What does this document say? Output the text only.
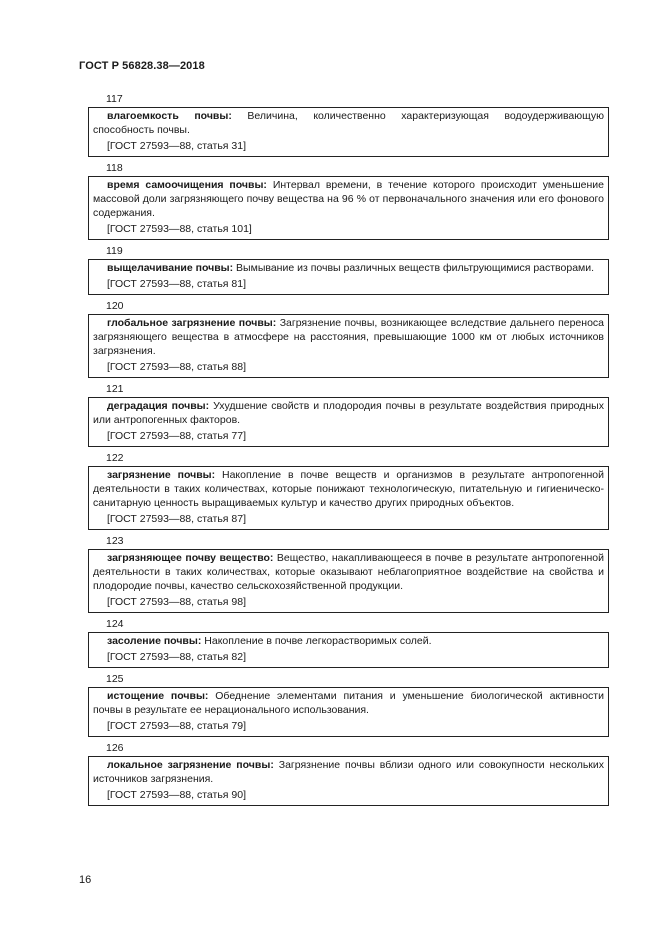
ГОСТ Р 56828.38—2018
117

влагоемкость почвы: Величина, количественно характеризующая водоудерживающую способность почвы.

[ГОСТ 27593—88, статья 31]
118

время самоочищения почвы: Интервал времени, в течение которого происходит уменьшение массовой доли загрязняющего почву вещества на 96 % от первоначального значения или его фонового содержания.

[ГОСТ 27593—88, статья 101]
119

выщелачивание почвы: Вымывание из почвы различных веществ фильтрующимися растворами.

[ГОСТ 27593—88, статья 81]
120

глобальное загрязнение почвы: Загрязнение почвы, возникающее вследствие дальнего переноса загрязняющего вещества в атмосфере на расстояния, превышающие 1000 км от любых источников загрязнения.

[ГОСТ 27593—88, статья 88]
121

деградация почвы: Ухудшение свойств и плодородия почвы в результате воздействия природных или антропогенных факторов.

[ГОСТ 27593—88, статья 77]
122

загрязнение почвы: Накопление в почве веществ и организмов в результате антропогенной деятельности в таких количествах, которые понижают технологическую, питательную и гигиеническо-санитарную ценность выращиваемых культур и качество других природных объектов.

[ГОСТ 27593—88, статья 87]
123

загрязняющее почву вещество: Вещество, накапливающееся в почве в результате антропогенной деятельности в таких количествах, которые оказывают неблагоприятное воздействие на свойства и плодородие почвы, качество сельскохозяйственной продукции.

[ГОСТ 27593—88, статья 98]
124

засоление почвы: Накопление в почве легкорастворимых солей.

[ГОСТ 27593—88, статья 82]
125

истощение почвы: Обеднение элементами питания и уменьшение биологической активности почвы в результате ее нерационального использования.

[ГОСТ 27593—88, статья 79]
126

локальное загрязнение почвы: Загрязнение почвы вблизи одного или совокупности нескольких источников загрязнения.

[ГОСТ 27593—88, статья 90]
16
